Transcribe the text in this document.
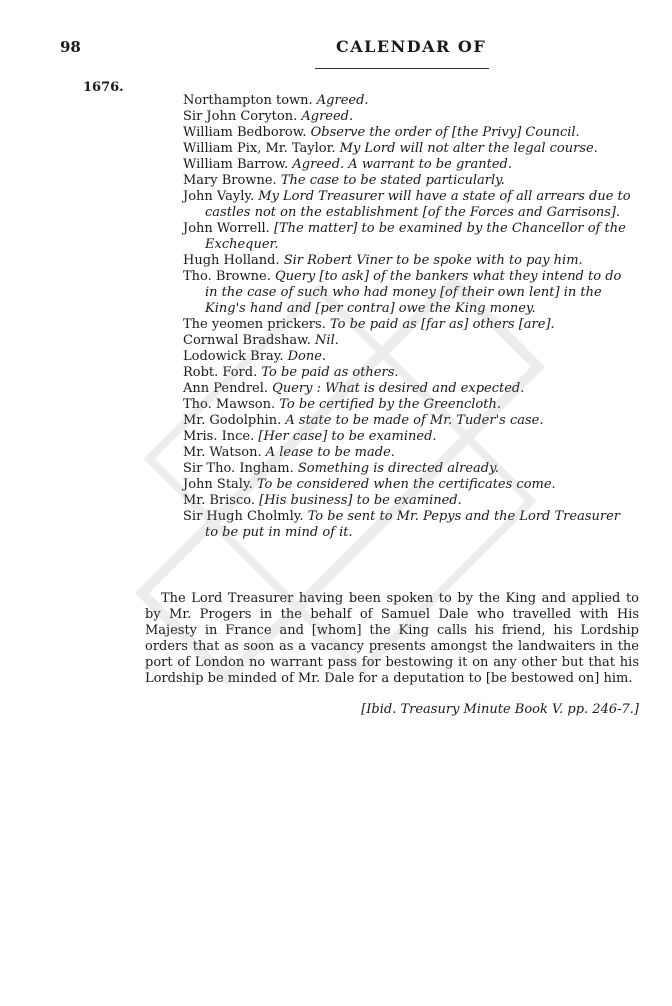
98	CALENDAR OF
1676.

Northampton town. Agreed.

Sir John Coryton. Agreed.

William Bedborow. Observe the order of [the Privy] Council.

William Pix, Mr. Taylor. My Lord will not alter the legal course.

William Barrow. Agreed. A warrant to be granted.

Mary Browne. The case to be stated particularly.

John Vayly. My Lord Treasurer will have a state of all arrears due to castles not on the establishment [of the Forces and Garrisons].

John Worrell. [The matter] to be examined by the Chancellor of the Exchequer.

Hugh Holland. Sir Robert Viner to be spoke with to pay him.

Tho. Browne. Query [to ask] of the bankers what they intend to do in the case of such who had money [of their own lent] in the King's hand and [per contra] owe the King money.

The yeomen prickers. To be paid as [far as] others [are].

Cornwal Bradshaw. Nil.

Lodowick Bray. Done.

Robt. Ford. To be paid as others.

Ann Pendrel. Query : What is desired and expected.

Tho. Mawson. To be certified by the Greencloth.

Mr. Godolphin. A state to be made of Mr. Tuder's case.

Mris. Ince. [Her case] to be examined.

Mr. Watson. A lease to be made.

Sir Tho. Ingham. Something is directed already.

John Staly. To be considered when the certificates come.

Mr. Brisco. [His business] to be examined.

Sir Hugh Cholmly. To be sent to Mr. Pepys and the Lord Treasurer to be put in mind of it.

The Lord Treasurer having been spoken to by the King and applied to by Mr. Progers in the behalf of Samuel Dale who travelled with His Majesty in France and [whom] the King calls his friend, his Lordship orders that as soon as a vacancy presents amongst the landwaiters in the port of London no warrant pass for bestowing it on any other but that his Lordship be minded of Mr. Dale for a deputation to [be bestowed on] him.

[Ibid. Treasury Minute Book V. pp. 246-7.]
